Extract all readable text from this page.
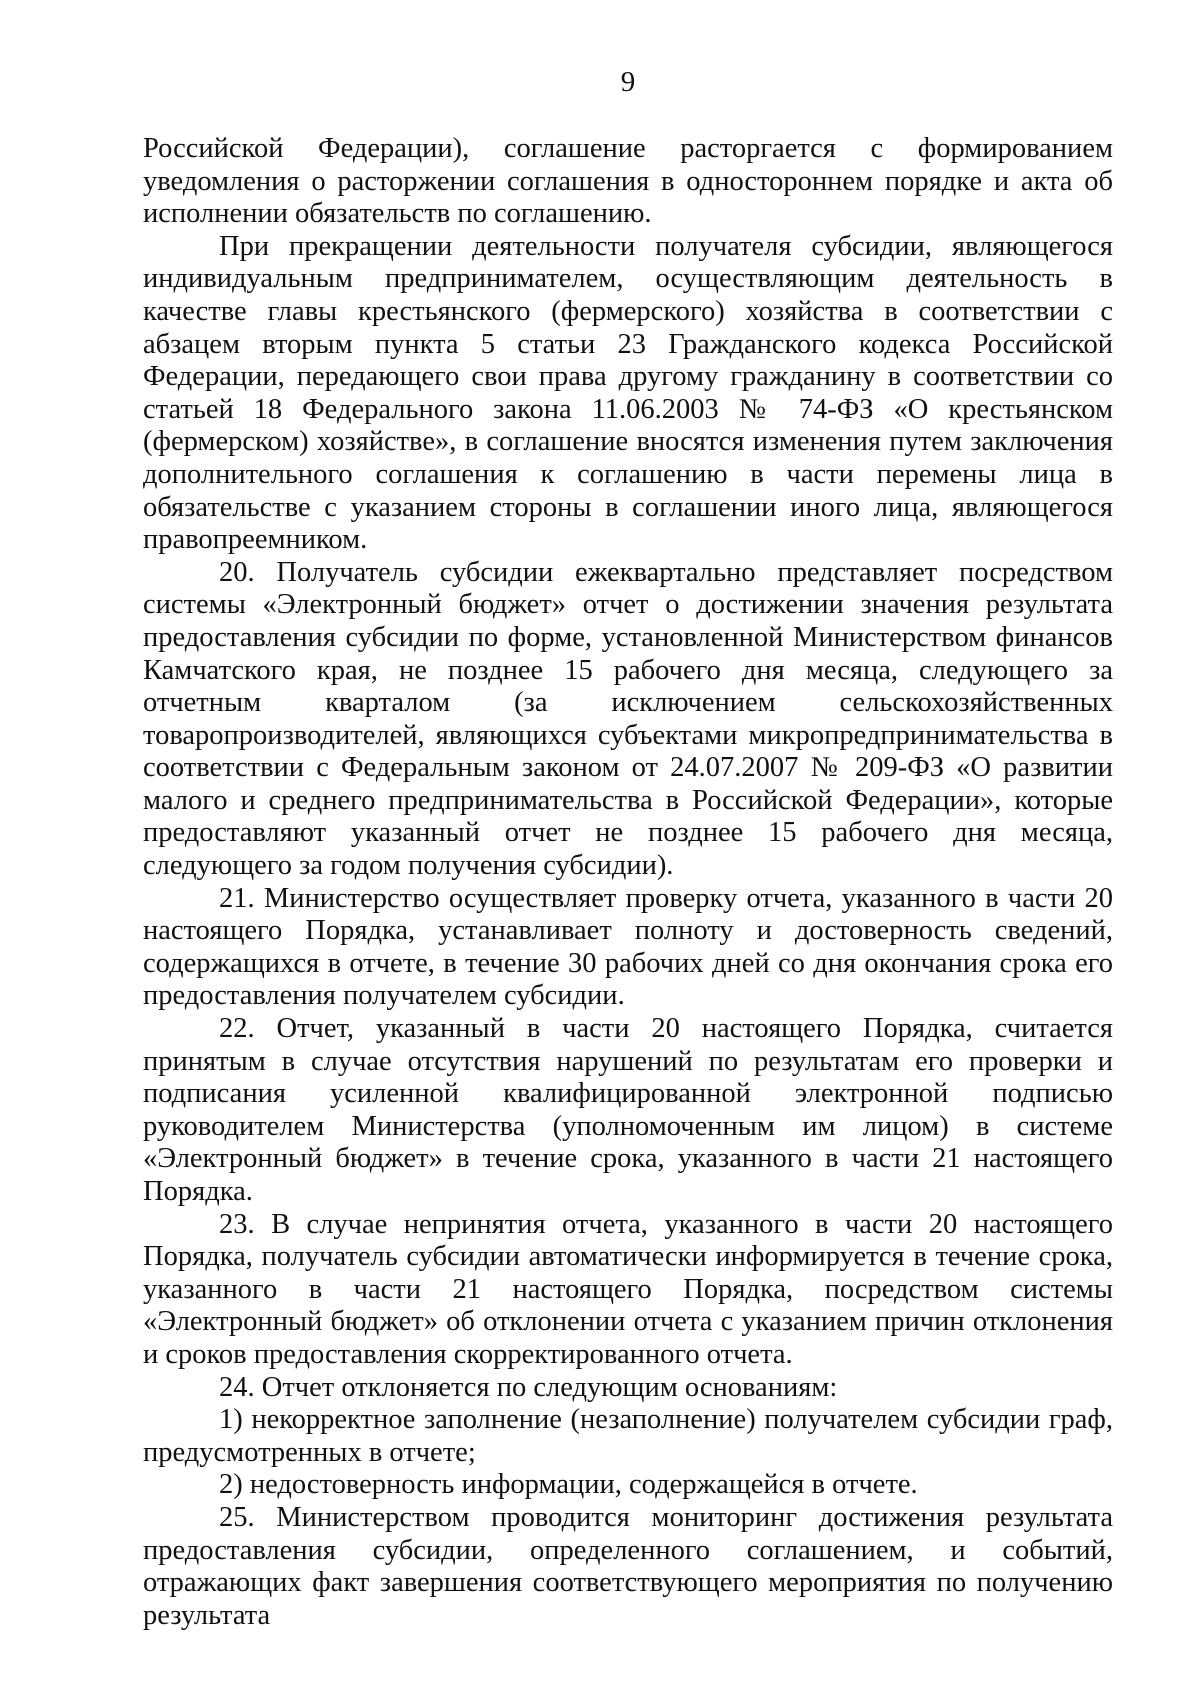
9

Российской Федерации), соглашение расторгается с формированием уведомления о расторжении соглашения в одностороннем порядке и акта об исполнении обязательств по соглашению.

При прекращении деятельности получателя субсидии, являющегося индивидуальным предпринимателем, осуществляющим деятельность в качестве главы крестьянского (фермерского) хозяйства в соответствии с абзацем вторым пункта 5 статьи 23 Гражданского кодекса Российской Федерации, передающего свои права другому гражданину в соответствии со статьей 18 Федерального закона 11.06.2003 № 74-ФЗ «О крестьянском (фермерском) хозяйстве», в соглашение вносятся изменения путем заключения дополнительного соглашения к соглашению в части перемены лица в обязательстве с указанием стороны в соглашении иного лица, являющегося правопреемником.

20. Получатель субсидии ежеквартально представляет посредством системы «Электронный бюджет» отчет о достижении значения результата предоставления субсидии по форме, установленной Министерством финансов Камчатского края, не позднее 15 рабочего дня месяца, следующего за отчетным кварталом (за исключением сельскохозяйственных товаропроизводителей, являющихся субъектами микропредпринимательства в соответствии с Федеральным законом от 24.07.2007 № 209-ФЗ «О развитии малого и среднего предпринимательства в Российской Федерации», которые предоставляют указанный отчет не позднее 15 рабочего дня месяца, следующего за годом получения субсидии).

21. Министерство осуществляет проверку отчета, указанного в части 20 настоящего Порядка, устанавливает полноту и достоверность сведений, содержащихся в отчете, в течение 30 рабочих дней со дня окончания срока его предоставления получателем субсидии.

22. Отчет, указанный в части 20 настоящего Порядка, считается принятым в случае отсутствия нарушений по результатам его проверки и подписания усиленной квалифицированной электронной подписью руководителем Министерства (уполномоченным им лицом) в системе «Электронный бюджет» в течение срока, указанного в части 21 настоящего Порядка.

23. В случае непринятия отчета, указанного в части 20 настоящего Порядка, получатель субсидии автоматически информируется в течение срока, указанного в части 21 настоящего Порядка, посредством системы «Электронный бюджет» об отклонении отчета с указанием причин отклонения и сроков предоставления скорректированного отчета.

24. Отчет отклоняется по следующим основаниям:

1) некорректное заполнение (незаполнение) получателем субсидии граф, предусмотренных в отчете;

2) недостоверность информации, содержащейся в отчете.

25. Министерством проводится мониторинг достижения результата предоставления субсидии, определенного соглашением, и событий, отражающих факт завершения соответствующего мероприятия по получению результата
